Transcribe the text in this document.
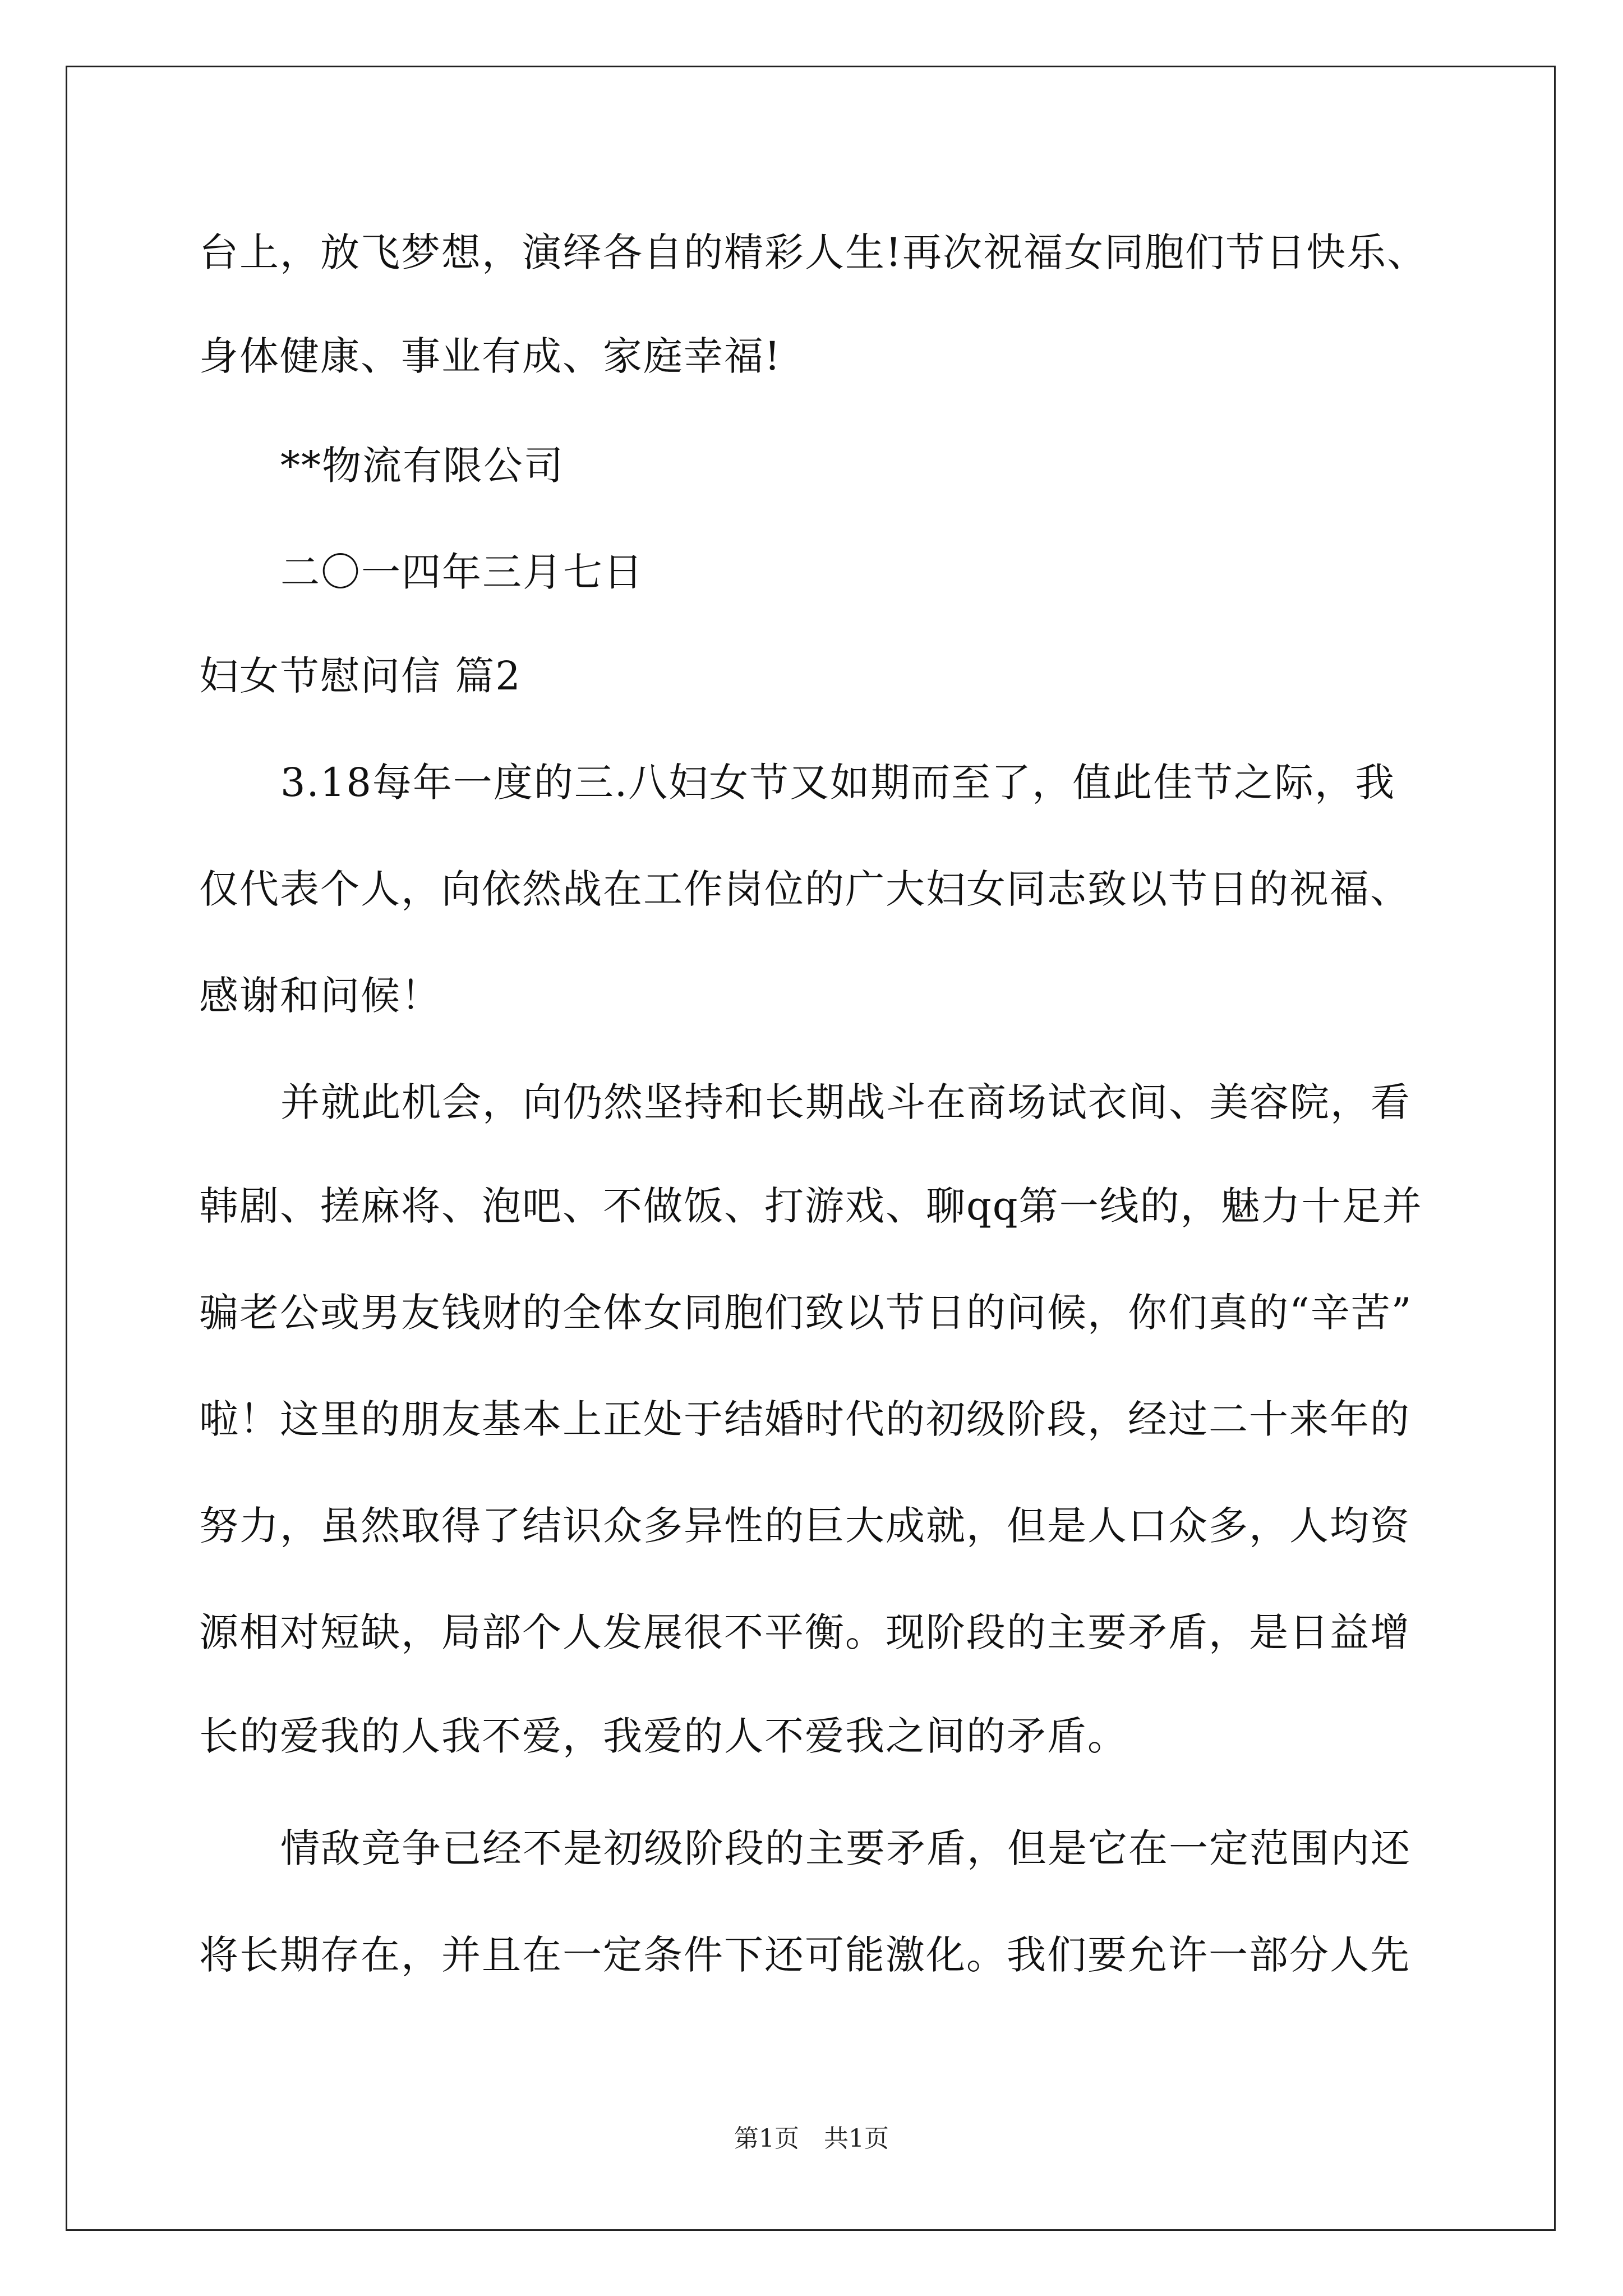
台上，放飞梦想，演绎各自的精彩人生!再次祝福女同胞们节日快乐、
身体健康、事业有成、家庭幸福!
**物流有限公司
二〇一四年三月七日
妇女节慰问信 篇2
3.18每年一度的三.八妇女节又如期而至了，值此佳节之际，我
仅代表个人，向依然战在工作岗位的广大妇女同志致以节日的祝福、
感谢和问候！
并就此机会，向仍然坚持和长期战斗在商场试衣间、美容院，看
韩剧、搓麻将、泡吧、不做饭、打游戏、聊qq第一线的，魅力十足并
骗老公或男友钱财的全体女同胞们致以节日的问候，你们真的“辛苦”
啦！这里的朋友基本上正处于结婚时代的初级阶段，经过二十来年的
努力，虽然取得了结识众多异性的巨大成就，但是人口众多，人均资
源相对短缺，局部个人发展很不平衡。现阶段的主要矛盾，是日益增
长的爱我的人我不爱，我爱的人不爱我之间的矛盾。
情敌竞争已经不是初级阶段的主要矛盾，但是它在一定范围内还
将长期存在，并且在一定条件下还可能激化。我们要允许一部分人先
第1页　共1页
